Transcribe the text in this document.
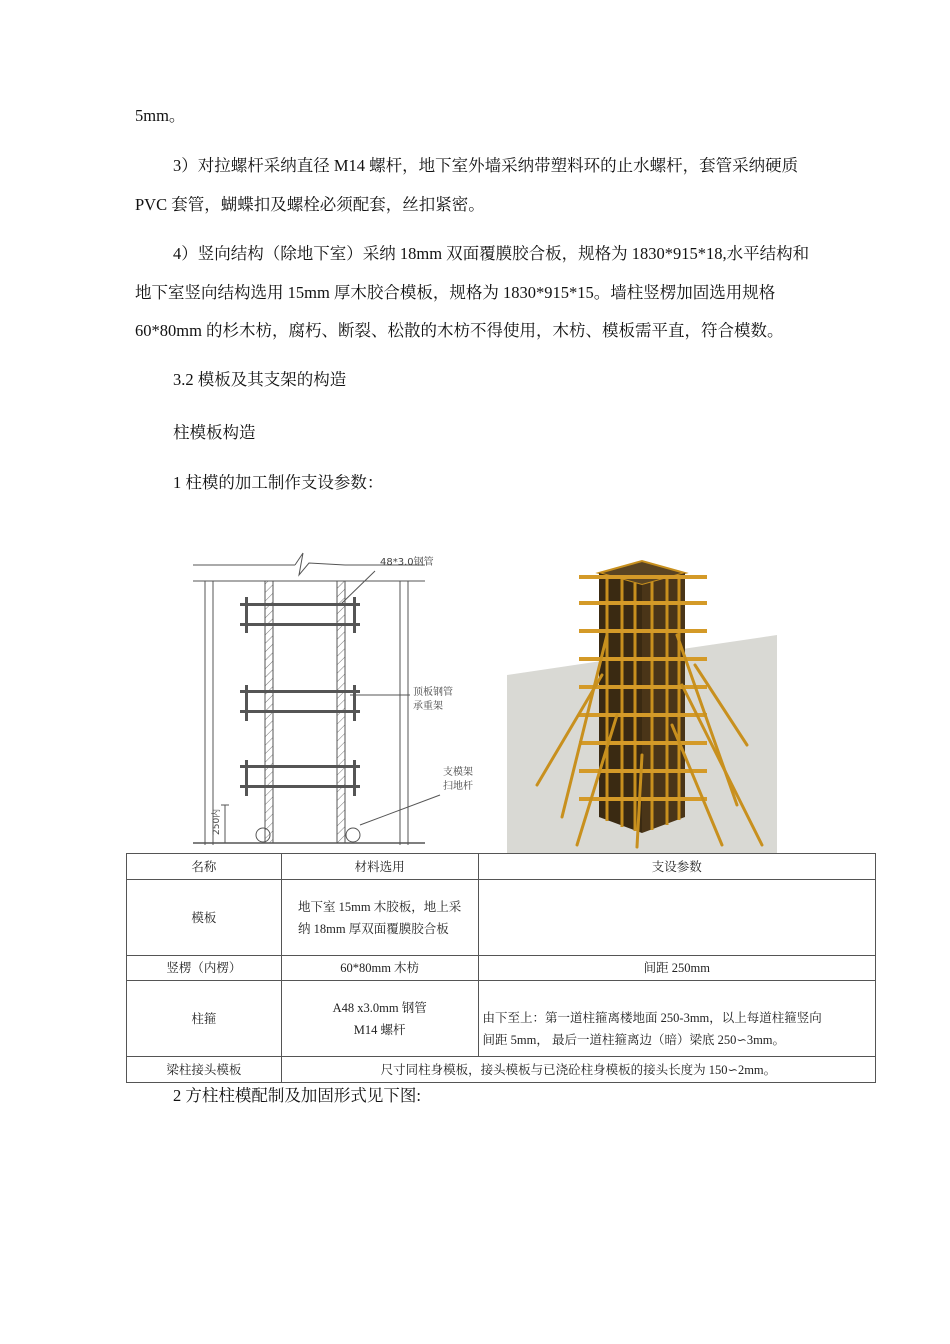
5mm。
3）对拉螺杆采纳直径 M14 螺杆，地下室外墙采纳带塑料环的止水螺杆，套管采纳硬质
PVC 套管，蝴蝶扣及螺栓必须配套，丝扣紧密。
4）竖向结构（除地下室）采纳 18mm 双面覆膜胶合板，规格为 1830*915*18,水平结构和
地下室竖向结构选用 15mm 厚木胶合模板，规格为 1830*915*15。墙柱竖楞加固选用规格
60*80mm 的杉木枋，腐朽、断裂、松散的木枋不得使用，木枋、模板需平直，符合模数。
3.2 模板及其支架的构造
柱模板构造
1 柱模的加工制作支设参数：
48*3.0钢管
顶板钢管
承重架
支模架
扫地杆
250内
名称	材料选用	支设参数
模板	地下室 15mm 木胶板，地上采
纳 18mm 厚双面覆膜胶合板	
竖楞（内楞）	60*80mm 木枋	间距 250mm
柱箍	A48 x3.0mm 钢管
M14 螺杆	由下至上：第一道柱箍离楼地面 250-3mm，以上每道柱箍竖向
间距 5mm， 最后一道柱箍离边（暗）梁底 250∽3mm。
梁柱接头模板	尺寸同柱身模板，接头模板与已浇砼柱身模板的接头长度为 150∽2mm。	
2 方柱柱模配制及加固形式见下图:
